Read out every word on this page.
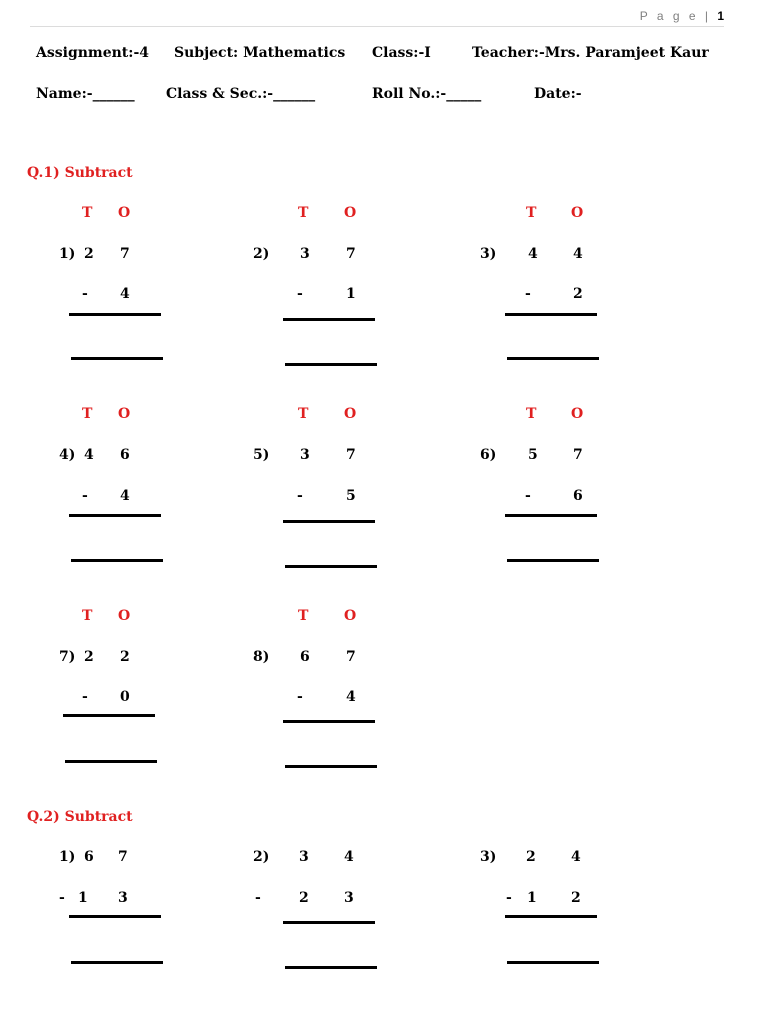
P a g e | 1
Assignment:-4 Subject: Mathematics Class:-I	Teacher:-Mrs. Paramjeet Kaur
Name:-______ Class & Sec.:-______	Roll No.:-_____	Date:-
Q.1) Subtract
T O
1) 2 7
- 4
T	O
2) 3	7
-	1
T O
3) 4	4
-	2
T O
4) 4 6
- 4
T	O
5) 3	7
-	5
T O
6) 5	7
-	6
T O
7) 2 2
- 0
T	O
8) 6	7
-	4
Q.2) Subtract
1) 6 7
- 1 3
2) 3	4
-	2	3
3) 2	4
- 1 2
